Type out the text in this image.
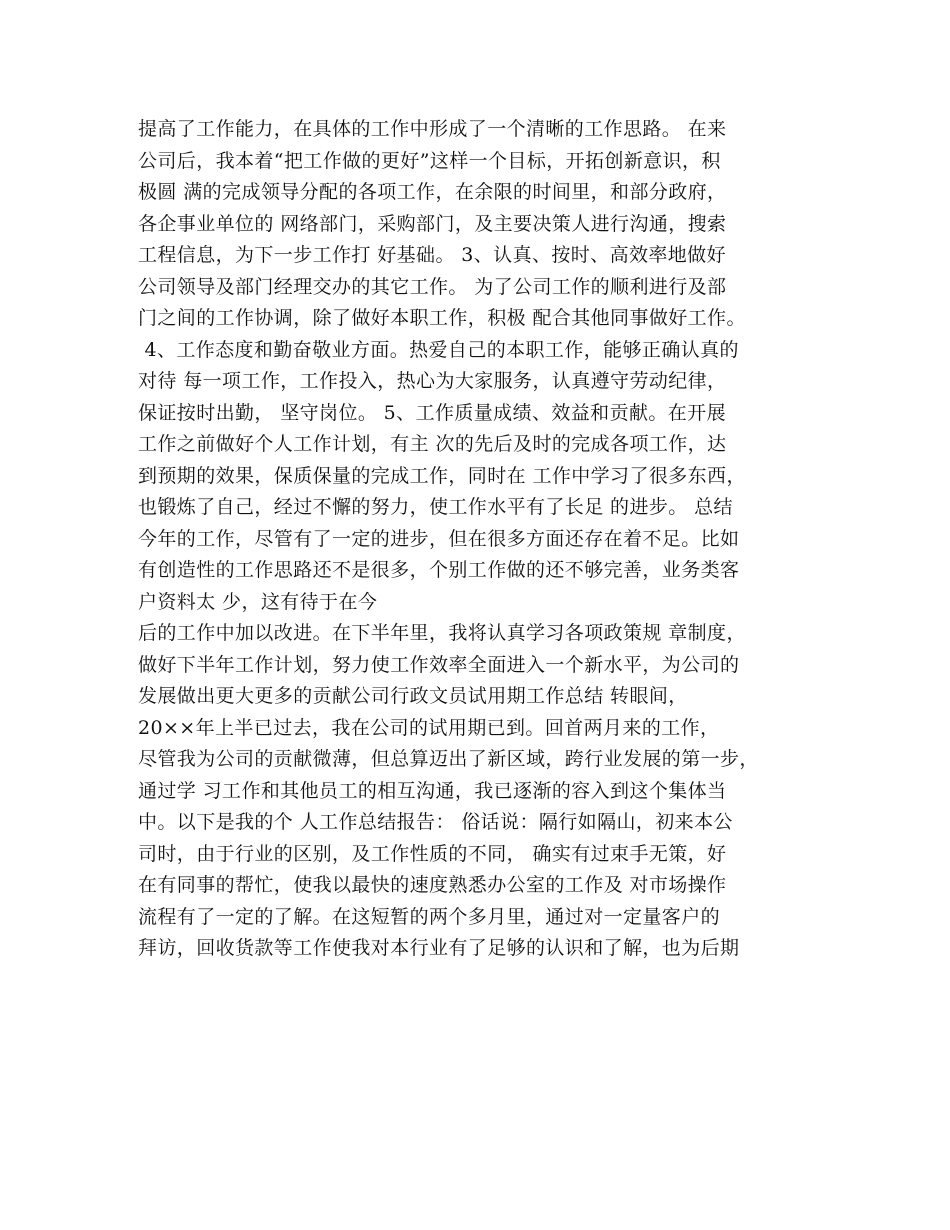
提高了工作能力，在具体的工作中形成了一个清晰的工作思路。 在来
公司后，我本着“把工作做的更好”这样一个目标，开拓创新意识，积
极圆 满的完成领导分配的各项工作，在余限的时间里，和部分政府，
各企事业单位的 网络部门，采购部门，及主要决策人进行沟通，搜索
工程信息，为下一步工作打 好基础。 3、认真、按时、高效率地做好
公司领导及部门经理交办的其它工作。 为了公司工作的顺利进行及部
门之间的工作协调，除了做好本职工作，积极 配合其他同事做好工作。
4、工作态度和勤奋敬业方面。热爱自己的本职工作，能够正确认真的
对待 每一项工作，工作投入，热心为大家服务，认真遵守劳动纪律，
保证按时出勤， 坚守岗位。 5、工作质量成绩、效益和贡献。在开展
工作之前做好个人工作计划，有主 次的先后及时的完成各项工作，达
到预期的效果，保质保量的完成工作，同时在 工作中学习了很多东西，
也锻炼了自己，经过不懈的努力，使工作水平有了长足 的进步。 总结
今年的工作，尽管有了一定的进步，但在很多方面还存在着不足。比如
有创造性的工作思路还不是很多，个别工作做的还不够完善，业务类客
户资料太 少，这有待于在今
后的工作中加以改进。在下半年里，我将认真学习各项政策规 章制度，
做好下半年工作计划，努力使工作效率全面进入一个新水平，为公司的
发展做出更大更多的贡献公司行政文员试用期工作总结 转眼间，
20××年上半已过去，我在公司的试用期已到。回首两月来的工作，
尽管我为公司的贡献微薄，但总算迈出了新区域，跨行业发展的第一步，
通过学 习工作和其他员工的相互沟通，我已逐渐的容入到这个集体当
中。以下是我的个 人工作总结报告： 俗话说：隔行如隔山，初来本公
司时，由于行业的区别，及工作性质的不同， 确实有过束手无策，好
在有同事的帮忙，使我以最快的速度熟悉办公室的工作及 对市场操作
流程有了一定的了解。在这短暂的两个多月里，通过对一定量客户的
拜访，回收货款等工作使我对本行业有了足够的认识和了解，也为后期
